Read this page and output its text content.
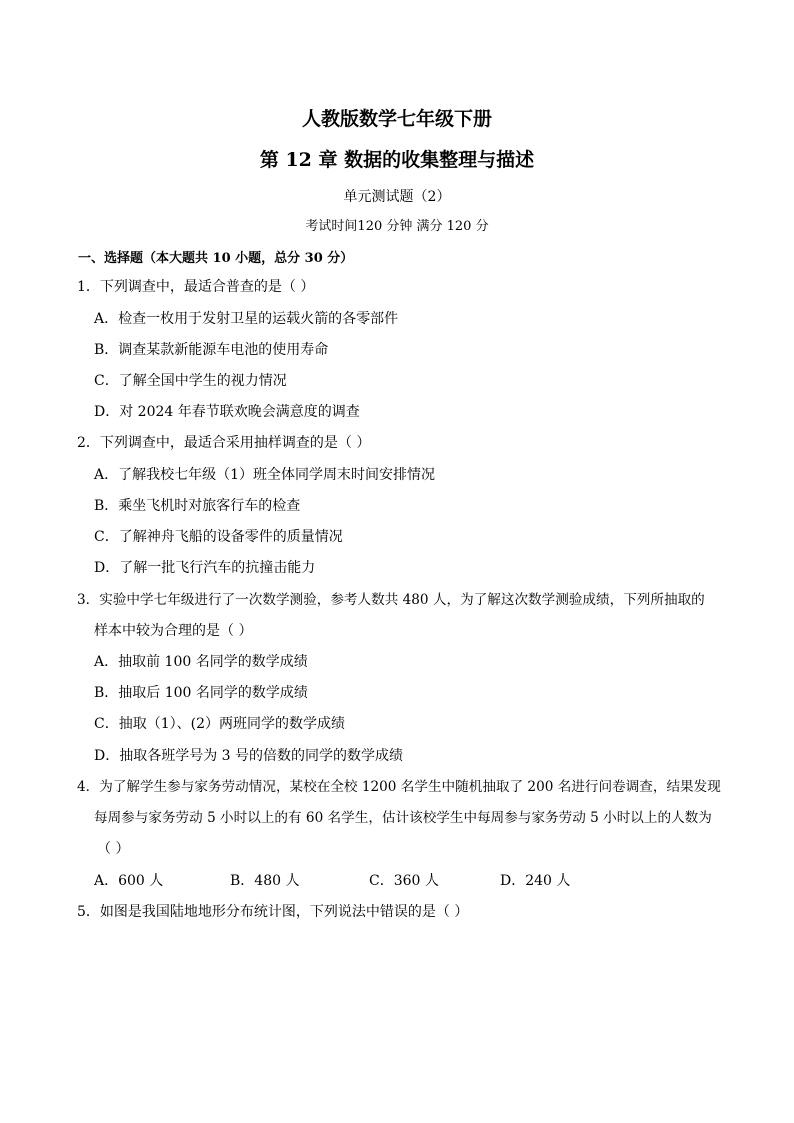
人教版数学七年级下册
第 12 章 数据的收集整理与描述
单元测试题（2）
考试时间120 分钟 满分 120 分
一、选择题（本大题共 10 小题，总分 30 分）
1．下列调查中，最适合普查的是（ ）
A．检查一枚用于发射卫星的运载火箭的各零部件
B．调查某款新能源车电池的使用寿命
C．了解全国中学生的视力情况
D．对 2024 年春节联欢晚会满意度的调查
2．下列调查中，最适合采用抽样调查的是（ ）
A．了解我校七年级（1）班全体同学周末时间安排情况
B．乘坐飞机时对旅客行车的检查
C．了解神舟飞船的设备零件的质量情况
D．了解一批飞行汽车的抗撞击能力
3．实验中学七年级进行了一次数学测验，参考人数共 480 人，为了解这次数学测验成绩，下列所抽取的
样本中较为合理的是（ ）
A．抽取前 100 名同学的数学成绩
B．抽取后 100 名同学的数学成绩
C．抽取（1）、(2）两班同学的数学成绩
D．抽取各班学号为 3 号的倍数的同学的数学成绩
4．为了解学生参与家务劳动情况，某校在全校 1200 名学生中随机抽取了 200 名进行问卷调查，结果发现
每周参与家务劳动 5 小时以上的有 60 名学生，估计该校学生中每周参与家务劳动 5 小时以上的人数为
（ ）
A．600 人	B．480 人	C．360 人	D．240 人
5．如图是我国陆地地形分布统计图，下列说法中错误的是（ ）
